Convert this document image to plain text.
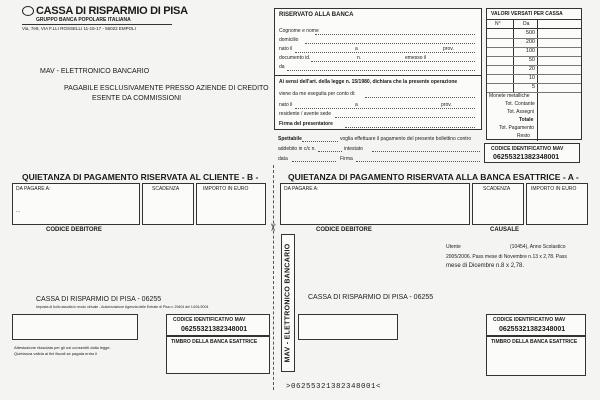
CASSA DI RISPARMIO DI PISA
GRUPPO BANCA POPOLARE ITALIANA
Via, 7e9, VIA F.LLI ROSSELLI 11-15-17 - 56022 EMPOLI
MAV - ELETTRONICO BANCARIO
PAGABILE ESCLUSIVAMENTE PRESSO AZIENDE DI CREDITO
ESENTE DA COMMISSIONI
RISERVATO ALLA BANCA
Cognome e nome
domicilio
nato il	a	prov.
documento id.	n.	emesso il
da
Ai sensi dell'art. della legge n. 15/1980, dichiara che la presente operazione
viene da me eseguita per conto di:
nato il	a	prov.
residente / avente sede
Firma del presentatore
VALORI VERSATI PER CASSA
N°	Da
500
200
100
50
20
10
5
Monete metalliche
Tot. Contante
Tot. Assegni
Totale
Tot. Pagamento
Resto
Spettabile	voglia effettuare il pagamento del presente bollettino contro
addebito in c/c n.	intestato
data	Firma
CODICE IDENTIFICATIVO MAV
06255321382348001
QUIETANZA DI PAGAMENTO RISERVATA AL CLIENTE - B -	QUIETANZA DI PAGAMENTO RISERVATA ALLA BANCA ESATTRICE - A -
DA PAGARE A:
...
SCADENZA	IMPORTO IN EURO
CODICE DEBITORE
DA PAGARE A:	SCADENZA	IMPORTO IN EURO
CODICE DEBITORE	CAUSALE
Utente	(10454), Anno Scolastico
2005/2006. Pass mese di Novembre n.13 x 2,78. Pass
mese di Dicembre n.8 x 2,78.
✂
MAV - ELETTRONICO BANCARIO
CASSA DI RISPARMIO DI PISA - 06255
Imposta di bollo assolta in modo virtuale - Autorizzazione Agenzia delle Entrate di Pisa n. 29404 del 14/01/2004
CASSA DI RISPARMIO DI PISA - 06255
CODICE IDENTIFICATIVO MAV
06255321382348001
TIMBRO DELLA BANCA ESATTRICE
Attestazione rilasciata per gli usi consentiti dalla legge.
Quietanza valida ai fini fiscali se pagata entro il
CODICE IDENTIFICATIVO MAV
06255321382348001
TIMBRO DELLA BANCA ESATTRICE
>06255321382348001<
